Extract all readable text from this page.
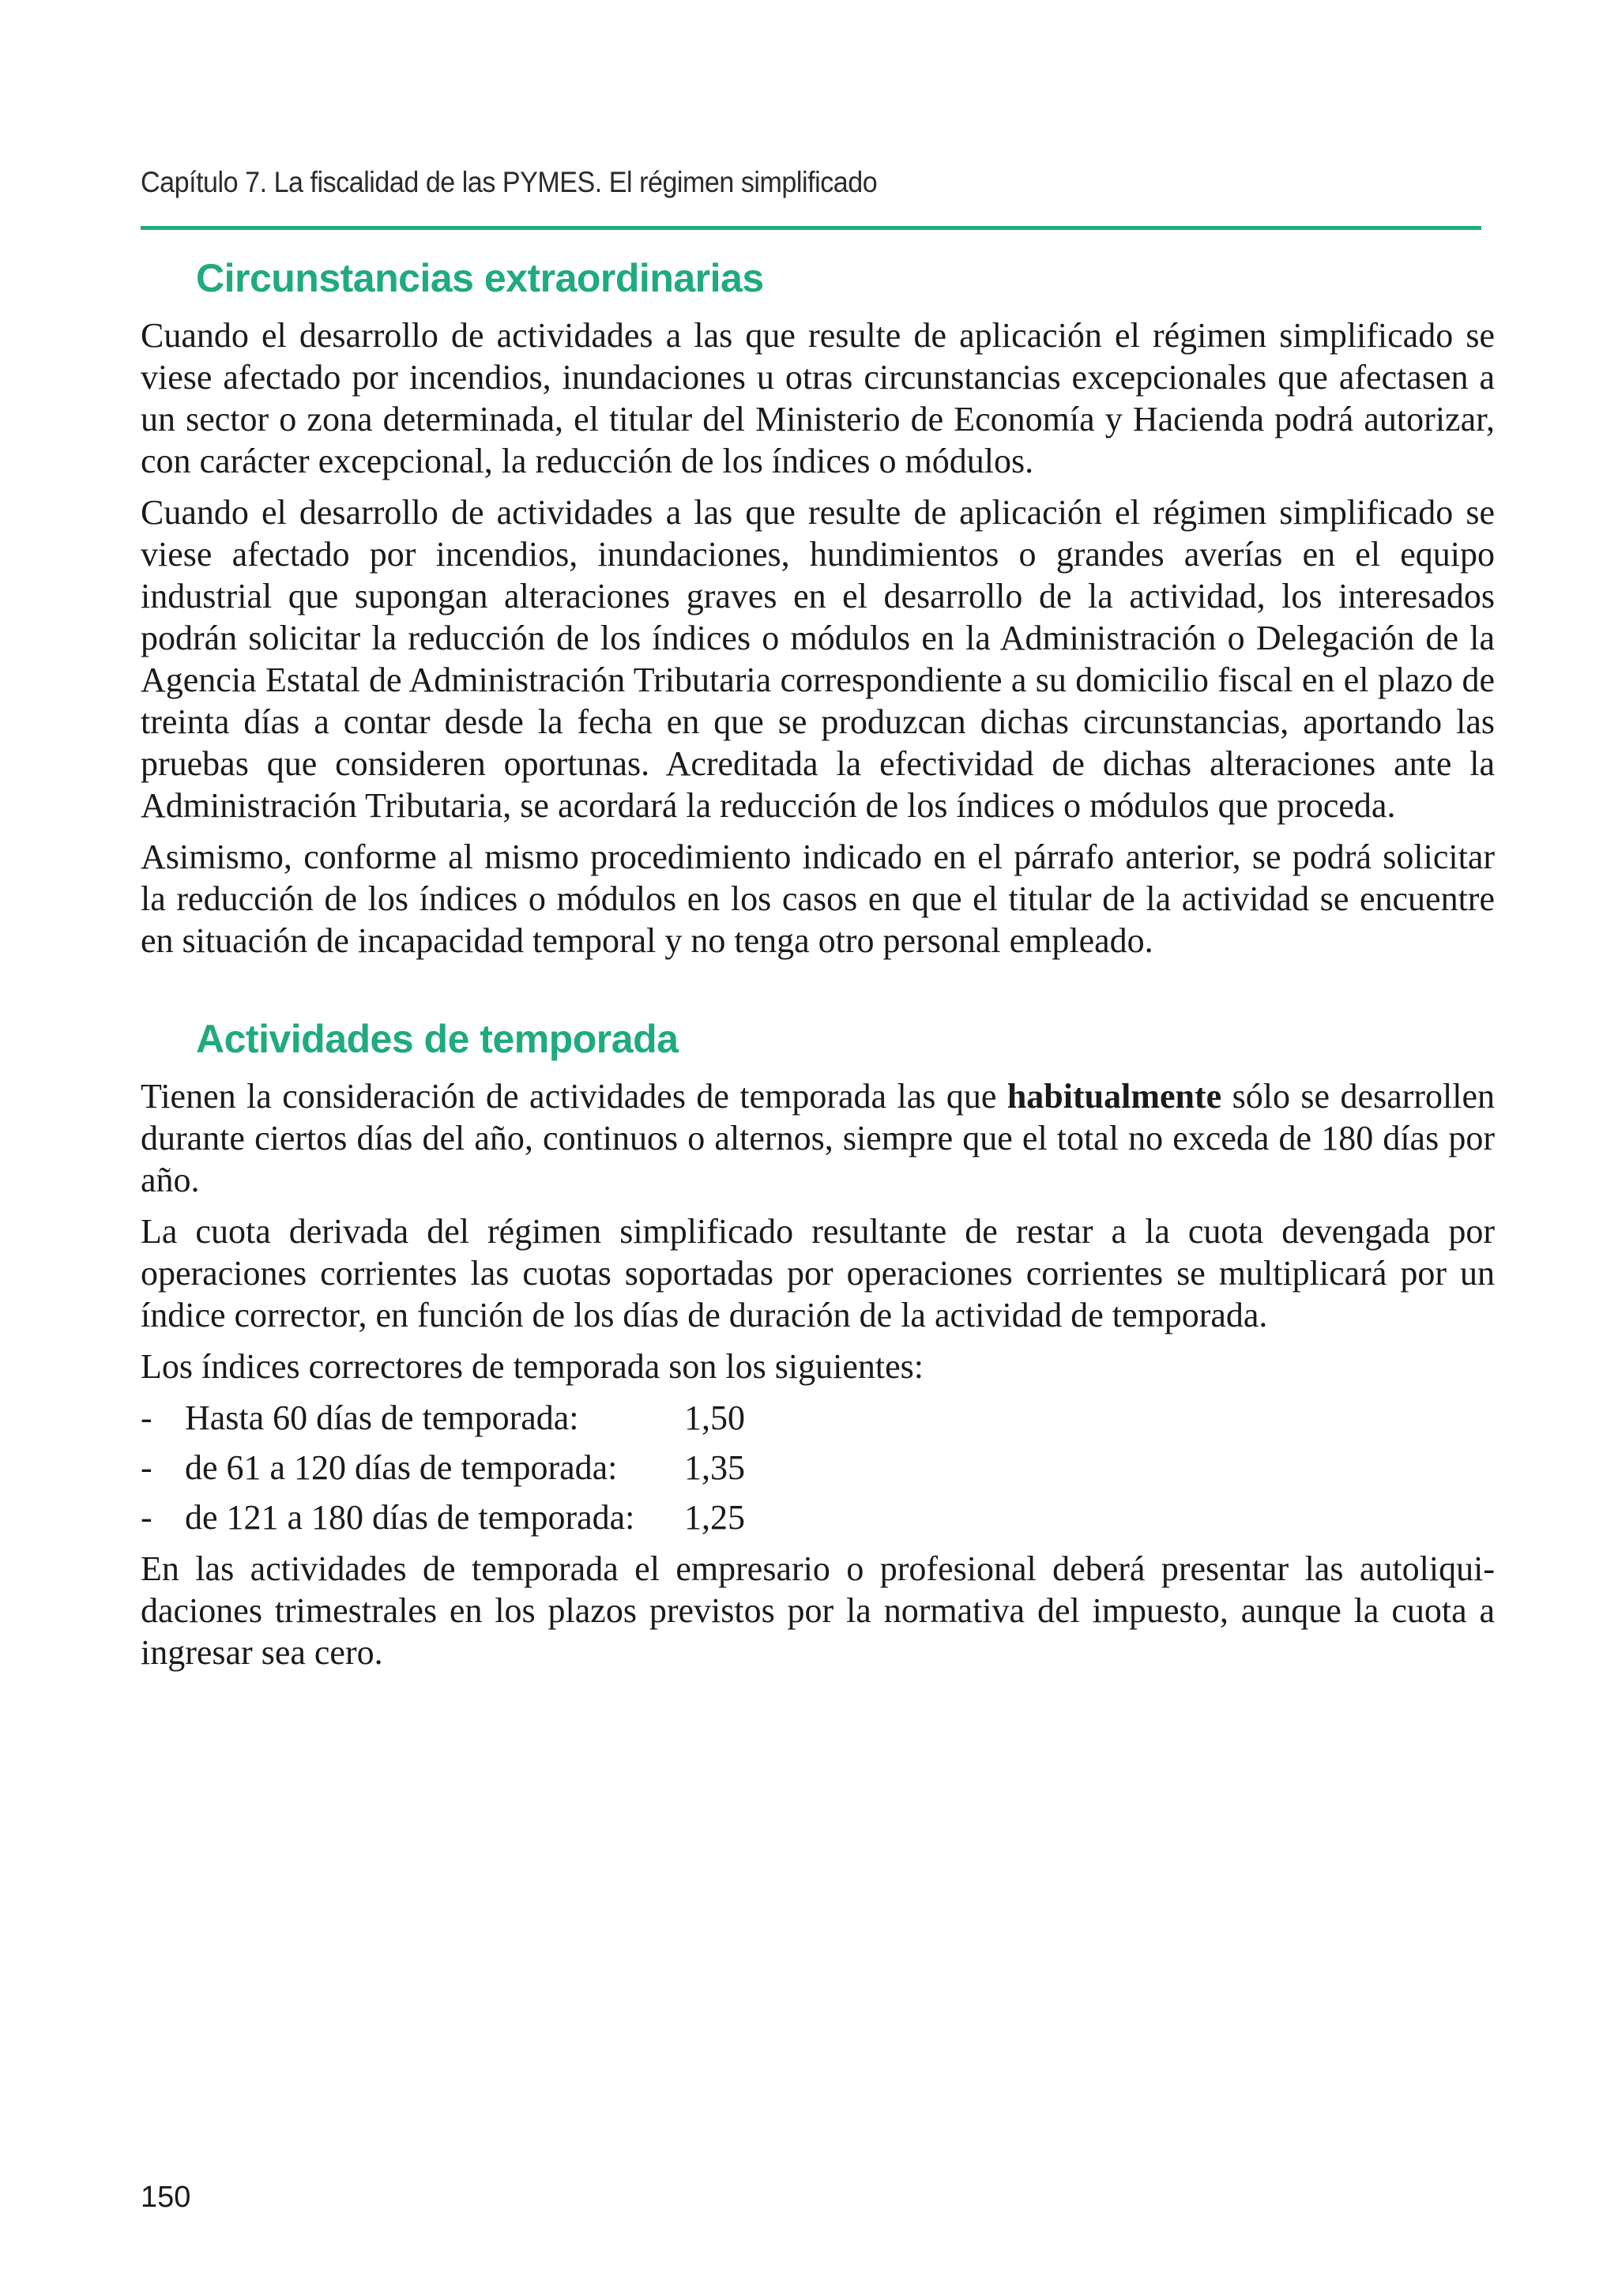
Capítulo 7. La fiscalidad de las PYMES. El régimen simplificado
Circunstancias extraordinarias

Cuando el desarrollo de actividades a las que resulte de aplicación el régimen simplificado se viese afectado por incendios, inundaciones u otras circunstancias excepcionales que afectasen a un sector o zona determinada, el titular del Ministerio de Economía y Hacienda podrá autorizar, con carácter excepcional, la reducción de los índices o módulos.

Cuando el desarrollo de actividades a las que resulte de aplicación el régimen simplificado se viese afectado por incendios, inundaciones, hundimientos o grandes averías en el equipo industrial que supongan alteraciones graves en el desarrollo de la actividad, los interesados podrán solicitar la reducción de los índices o módulos en la Administración o Delegación de la Agencia Estatal de Administración Tributaria correspondiente a su domicilio fiscal en el plazo de treinta días a contar desde la fecha en que se produzcan dichas circunstancias, aportando las pruebas que consideren oportunas. Acreditada la efectividad de dichas alteraciones ante la Administración Tributaria, se acordará la reducción de los índices o módulos que proceda.

Asimismo, conforme al mismo procedimiento indicado en el párrafo anterior, se podrá solicitar la reducción de los índices o módulos en los casos en que el titular de la actividad se encuentre en situación de incapacidad temporal y no tenga otro personal empleado.

Actividades de temporada

Tienen la consideración de actividades de temporada las que habitualmente sólo se desarrollen durante ciertos días del año, continuos o alternos, siempre que el total no exceda de 180 días por año.

La cuota derivada del régimen simplificado resultante de restar a la cuota devengada por operaciones corrientes las cuotas soportadas por operaciones corrientes se multiplicará por un índice corrector, en función de los días de duración de la actividad de temporada.

Los índices correctores de temporada son los siguientes:

- Hasta 60 días de temporada:	1,50
- de 61 a 120 días de temporada:	1,35
- de 121 a 180 días de temporada:	1,25

En las actividades de temporada el empresario o profesional deberá presentar las autoliquidaciones trimestrales en los plazos previstos por la normativa del impuesto, aunque la cuota a ingresar sea cero.

150
